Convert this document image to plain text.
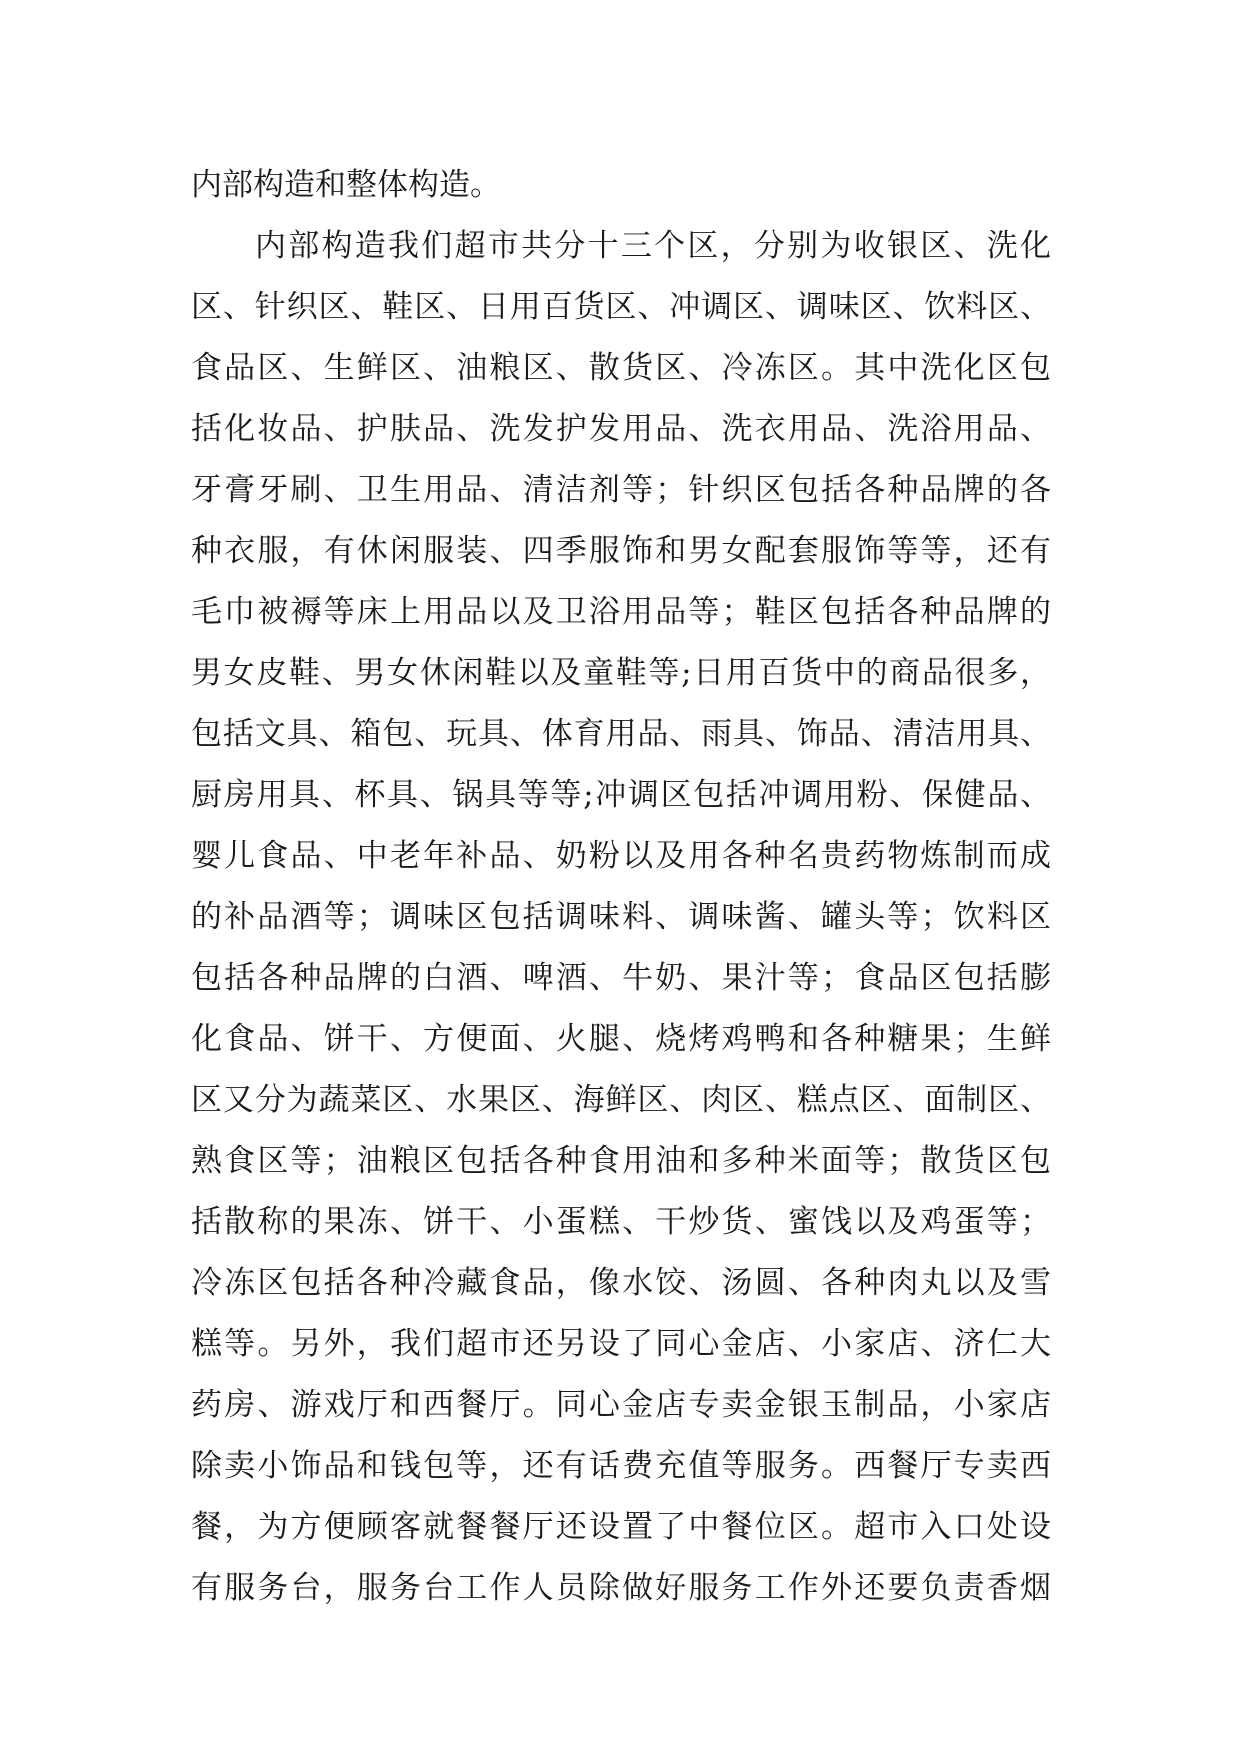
内部构造和整体构造。
内部构造我们超市共分十三个区，分别为收银区、洗化
区、针织区、鞋区、日用百货区、冲调区、调味区、饮料区、
食品区、生鲜区、油粮区、散货区、冷冻区。其中洗化区包
括化妆品、护肤品、洗发护发用品、洗衣用品、洗浴用品、
牙膏牙刷、卫生用品、清洁剂等；针织区包括各种品牌的各
种衣服，有休闲服装、四季服饰和男女配套服饰等等，还有
毛巾被褥等床上用品以及卫浴用品等；鞋区包括各种品牌的
男女皮鞋、男女休闲鞋以及童鞋等;日用百货中的商品很多，
包括文具、箱包、玩具、体育用品、雨具、饰品、清洁用具、
厨房用具、杯具、锅具等等;冲调区包括冲调用粉、保健品、
婴儿食品、中老年补品、奶粉以及用各种名贵药物炼制而成
的补品酒等；调味区包括调味料、调味酱、罐头等；饮料区
包括各种品牌的白酒、啤酒、牛奶、果汁等；食品区包括膨
化食品、饼干、方便面、火腿、烧烤鸡鸭和各种糖果；生鲜
区又分为蔬菜区、水果区、海鲜区、肉区、糕点区、面制区、
熟食区等；油粮区包括各种食用油和多种米面等；散货区包
括散称的果冻、饼干、小蛋糕、干炒货、蜜饯以及鸡蛋等；
冷冻区包括各种冷藏食品，像水饺、汤圆、各种肉丸以及雪
糕等。另外，我们超市还另设了同心金店、小家店、济仁大
药房、游戏厅和西餐厅。同心金店专卖金银玉制品，小家店
除卖小饰品和钱包等，还有话费充值等服务。西餐厅专卖西
餐，为方便顾客就餐餐厅还设置了中餐位区。超市入口处设
有服务台，服务台工作人员除做好服务工作外还要负责香烟
